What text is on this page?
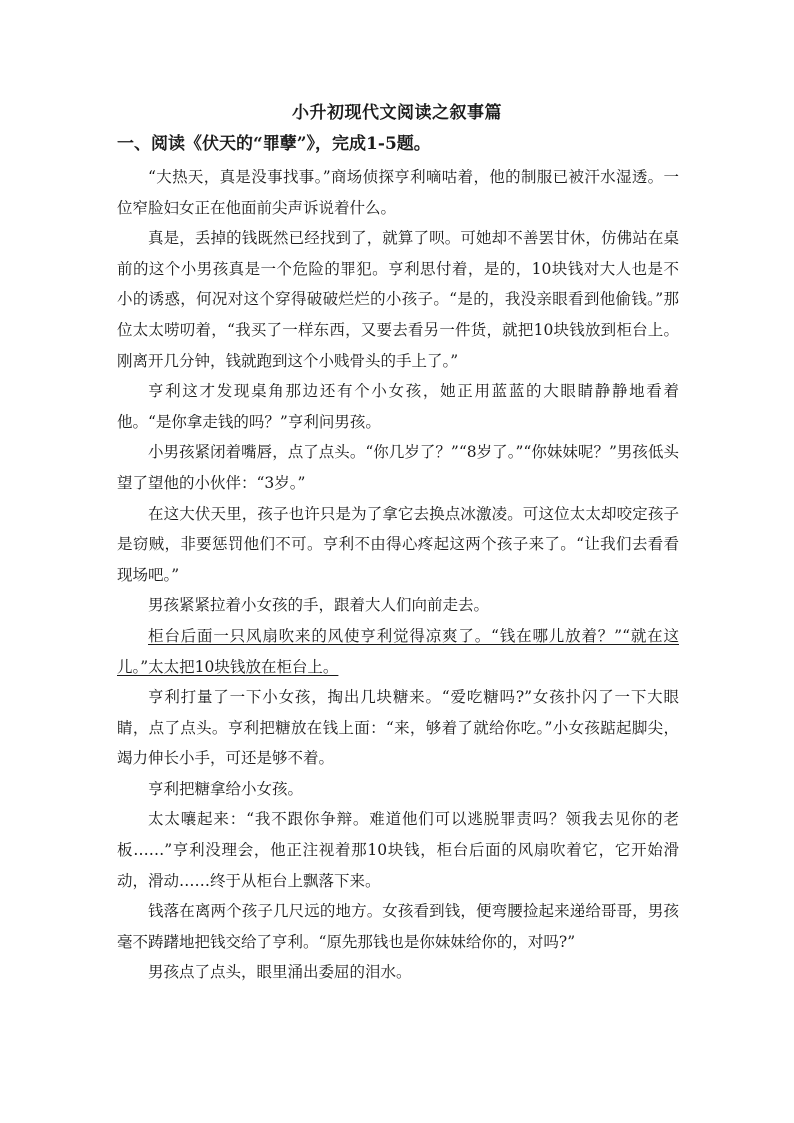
小升初现代文阅读之叙事篇
一、阅读《伏天的“罪孽”》，完成1-5题。

“大热天，真是没事找事。”商场侦探亨利嘀咕着，他的制服已被汗水湿透。一位窄脸妇女正在他面前尖声诉说着什么。

真是，丢掉的钱既然已经找到了，就算了呗。可她却不善罢甘休，仿佛站在桌前的这个小男孩真是一个危险的罪犯。亨利思付着，是的，10块钱对大人也是不小的诱惑，何况对这个穿得破破烂烂的小孩子。“是的，我没亲眼看到他偷钱。”那位太太唠叨着，“我买了一样东西，又要去看另一件货，就把10块钱放到柜台上。刚离开几分钟，钱就跑到这个小贱骨头的手上了。”

亨利这才发现桌角那边还有个小女孩，她正用蓝蓝的大眼睛静静地看着他。“是你拿走钱的吗？”亨利问男孩。

小男孩紧闭着嘴唇，点了点头。“你几岁了？”“8岁了。”“你妹妹呢？”男孩低头望了望他的小伙伴：“3岁。”

在这大伏天里，孩子也许只是为了拿它去换点冰激凌。可这位太太却咬定孩子是窃贼，非要惩罚他们不可。亨利不由得心疼起这两个孩子来了。“让我们去看看现场吧。”

男孩紧紧拉着小女孩的手，跟着大人们向前走去。

柜台后面一只风扇吹来的风使亨利觉得凉爽了。“钱在哪儿放着？”“就在这儿。”太太把10块钱放在柜台上。

亨利打量了一下小女孩，掏出几块糖来。“爱吃糖吗?”女孩扑闪了一下大眼睛，点了点头。亨利把糖放在钱上面：“来，够着了就给你吃。”小女孩踮起脚尖，竭力伸长小手，可还是够不着。

亨利把糖拿给小女孩。

太太嚷起来：“我不跟你争辩。难道他们可以逃脱罪责吗？领我去见你的老板……”亨利没理会，他正注视着那10块钱，柜台后面的风扇吹着它，它开始滑动，滑动……终于从柜台上飘落下来。

钱落在离两个孩子几尺远的地方。女孩看到钱，便弯腰捡起来递给哥哥，男孩毫不踌躇地把钱交给了亨利。“原先那钱也是你妹妹给你的，对吗?”

男孩点了点头，眼里涌出委屈的泪水。
